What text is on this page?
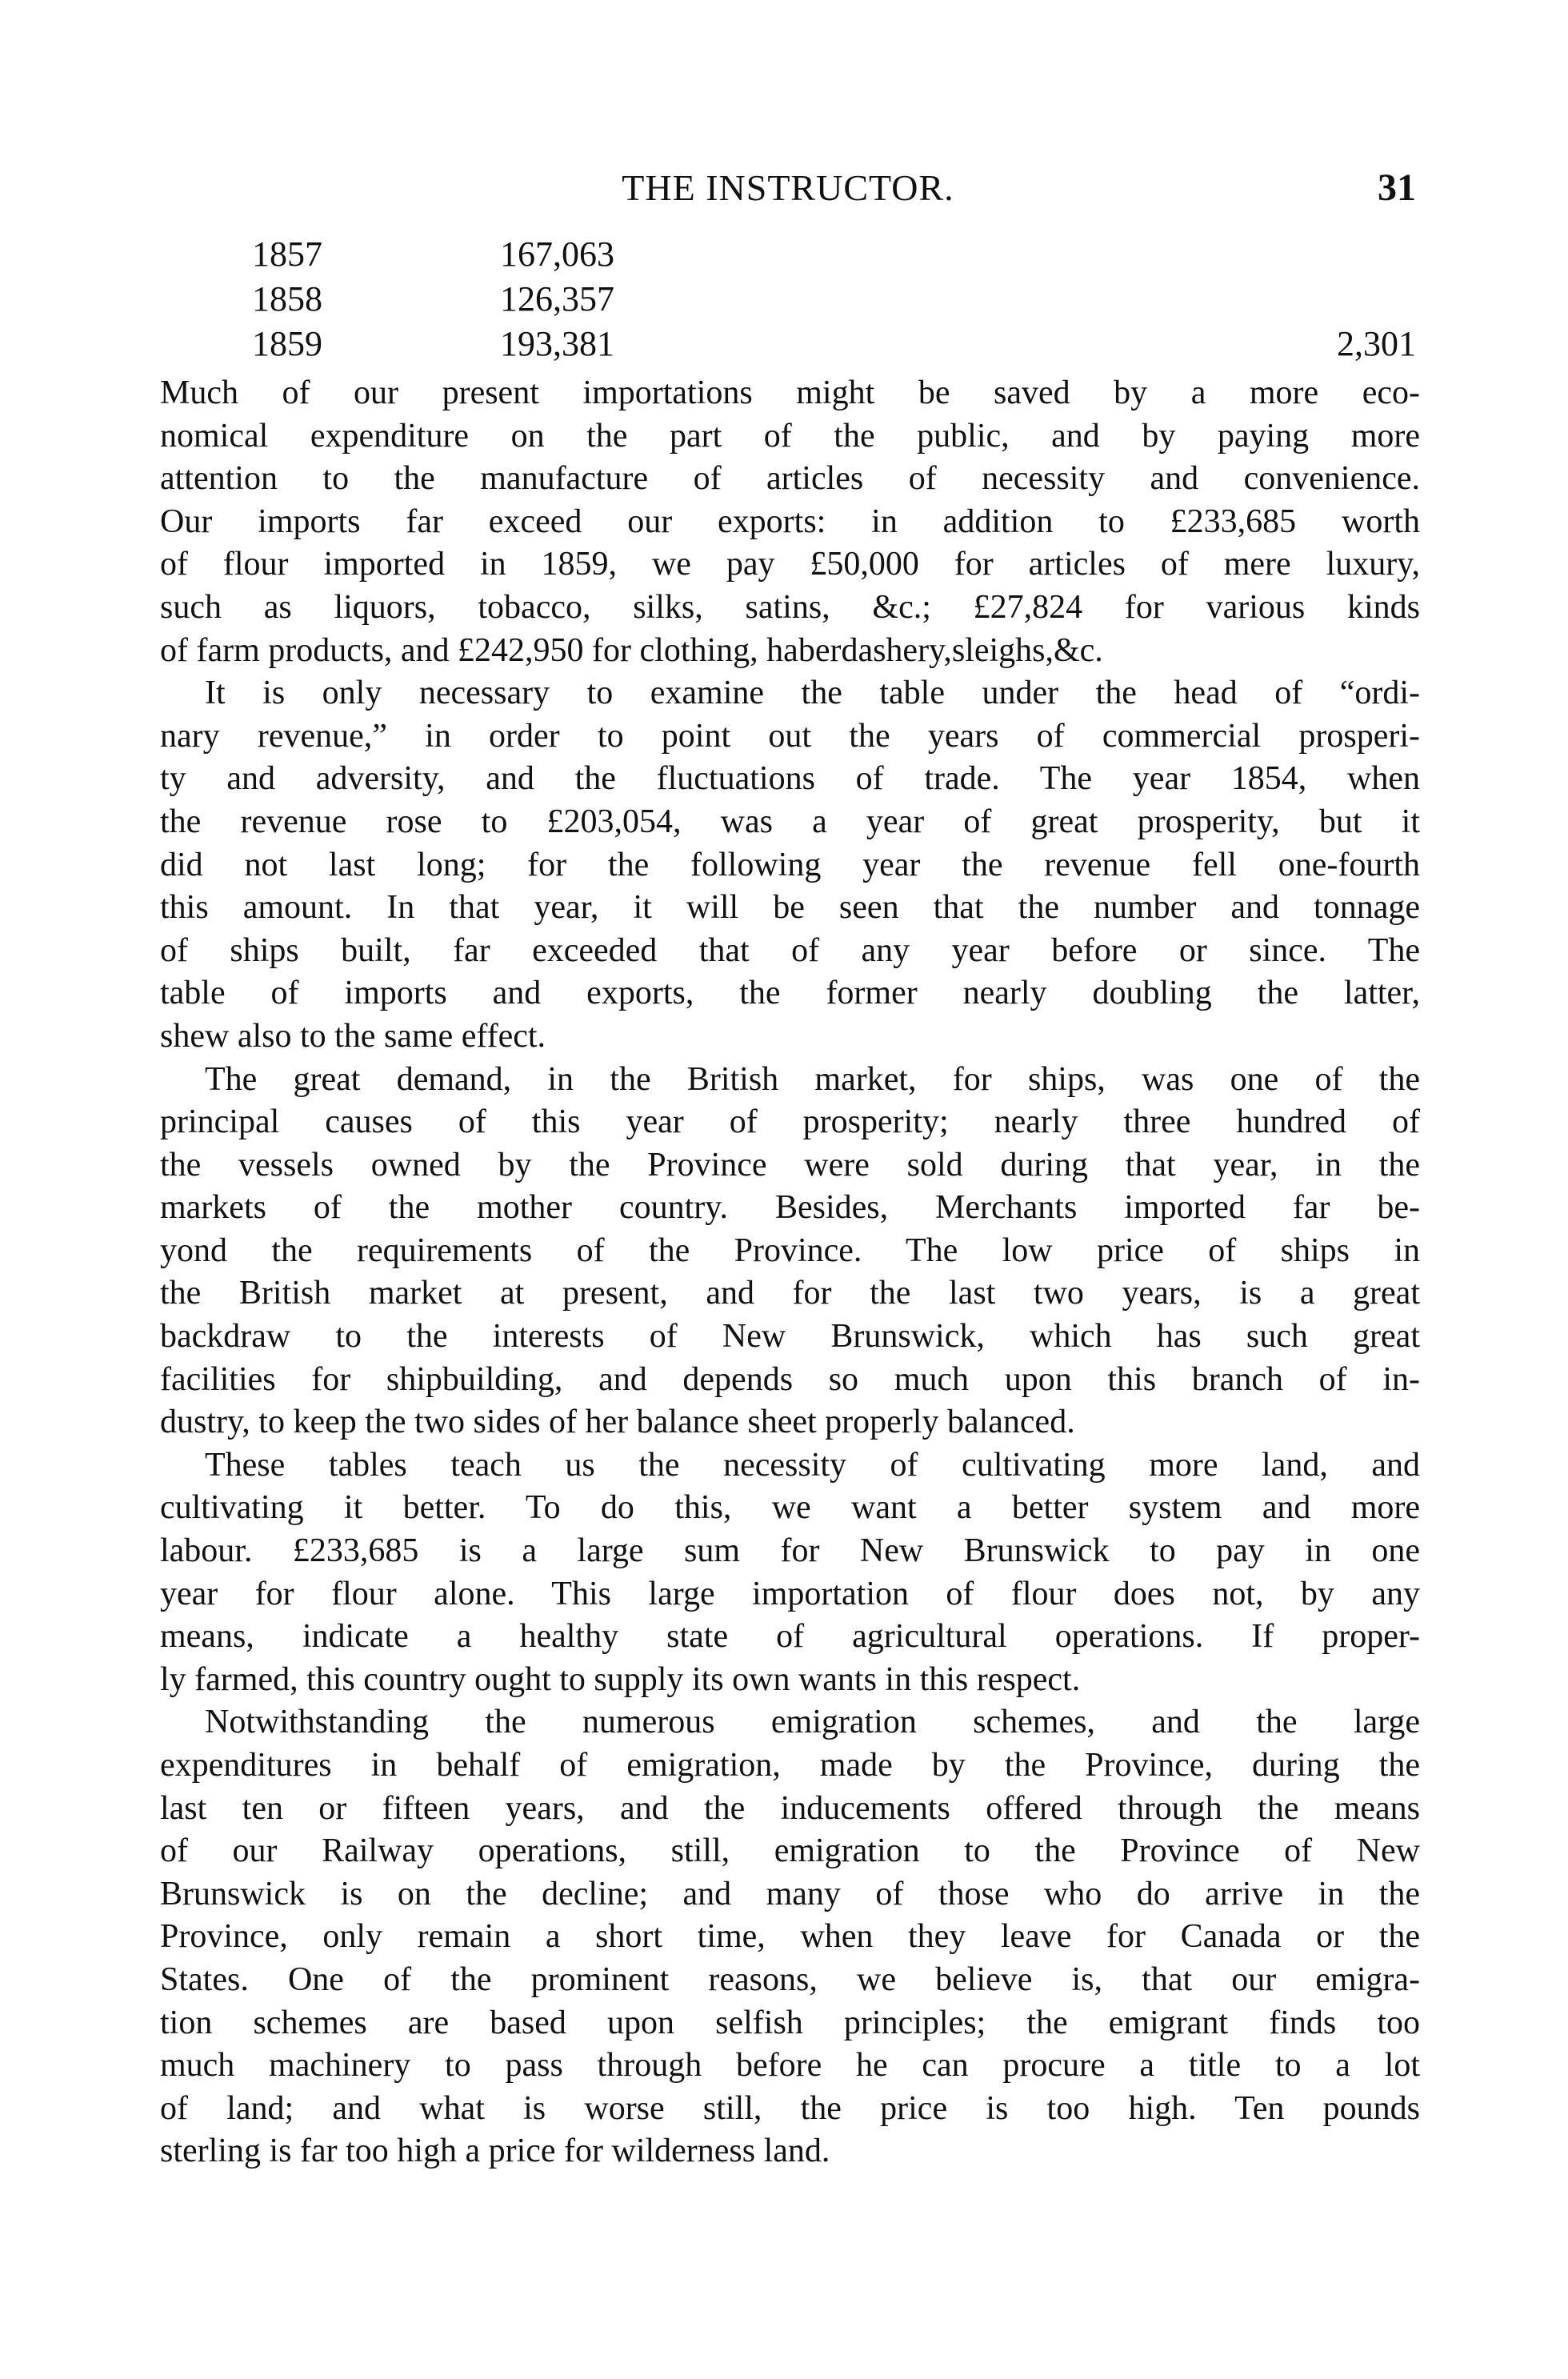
THE INSTRUCTOR.	31
1857	167,063
1858	126,357
1859	193,381	2,301
Much of our present importations might be saved by a more eco-
nomical expenditure on the part of the public, and by paying more
attention to the manufacture of articles of necessity and convenience.
Our imports far exceed our exports: in addition to £233,685 worth
of flour imported in 1859, we pay £50,000 for articles of mere luxury,
such as liquors, tobacco, silks, satins, &c.; £27,824 for various kinds
of farm products, and £242,950 for clothing, haberdashery,sleighs,&c.
It is only necessary to examine the table under the head of “ordi-
nary revenue,” in order to point out the years of commercial prosperi-
ty and adversity, and the fluctuations of trade. The year 1854, when
the revenue rose to £203,054, was a year of great prosperity, but it
did not last long; for the following year the revenue fell one-fourth
this amount. In that year, it will be seen that the number and tonnage
of ships built, far exceeded that of any year before or since. The
table of imports and exports, the former nearly doubling the latter,
shew also to the same effect.
The great demand, in the British market, for ships, was one of the
principal causes of this year of prosperity; nearly three hundred of
the vessels owned by the Province were sold during that year, in the
markets of the mother country. Besides, Merchants imported far be-
yond the requirements of the Province. The low price of ships in
the British market at present, and for the last two years, is a great
backdraw to the interests of New Brunswick, which has such great
facilities for shipbuilding, and depends so much upon this branch of in-
dustry, to keep the two sides of her balance sheet properly balanced.
These tables teach us the necessity of cultivating more land, and
cultivating it better. To do this, we want a better system and more
labour. £233,685 is a large sum for New Brunswick to pay in one
year for flour alone. This large importation of flour does not, by any
means, indicate a healthy state of agricultural operations. If proper-
ly farmed, this country ought to supply its own wants in this respect.
Notwithstanding the numerous emigration schemes, and the large
expenditures in behalf of emigration, made by the Province, during the
last ten or fifteen years, and the inducements offered through the means
of our Railway operations, still, emigration to the Province of New
Brunswick is on the decline; and many of those who do arrive in the
Province, only remain a short time, when they leave for Canada or the
States. One of the prominent reasons, we believe is, that our emigra-
tion schemes are based upon selfish principles; the emigrant finds too
much machinery to pass through before he can procure a title to a lot
of land; and what is worse still, the price is too high. Ten pounds
sterling is far too high a price for wilderness land.
